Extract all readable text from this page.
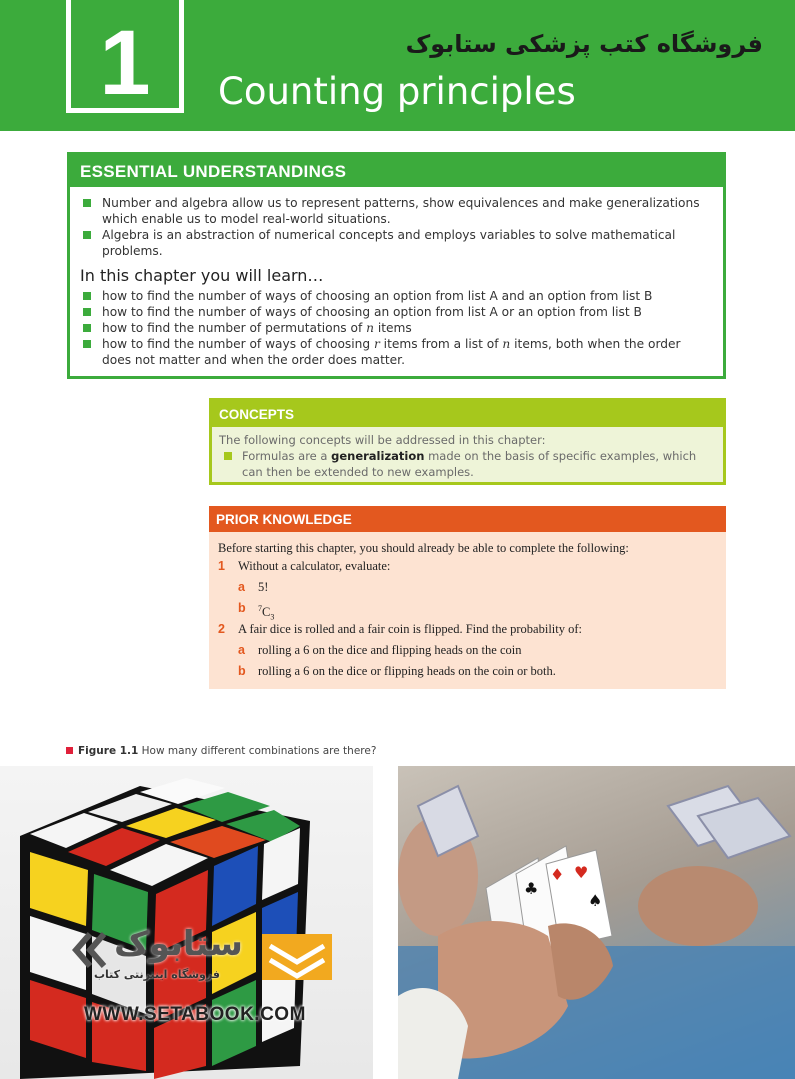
1	Counting principles
فروشگاه کتب پزشکی ستابوک
ESSENTIAL UNDERSTANDINGS
Number and algebra allow us to represent patterns, show equivalences and make generalizations which enable us to model real-world situations.
Algebra is an abstraction of numerical concepts and employs variables to solve mathematical problems.
In this chapter you will learn…
how to find the number of ways of choosing an option from list A and an option from list B
how to find the number of ways of choosing an option from list A or an option from list B
how to find the number of permutations of n items
how to find the number of ways of choosing r items from a list of n items, both when the order does not matter and when the order does matter.
CONCEPTS
The following concepts will be addressed in this chapter:
Formulas are a generalization made on the basis of specific examples, which can then be extended to new examples.
PRIOR KNOWLEDGE
Before starting this chapter, you should already be able to complete the following:
1 Without a calculator, evaluate:
a 5!
b $^7C_3$
2 A fair dice is rolled and a fair coin is flipped. Find the probability of:
a rolling a 6 on the dice and flipping heads on the coin
b rolling a 6 on the dice or flipping heads on the coin or both.
Figure 1.1 How many different combinations are there?
ستابوک
فروشگاه اینترنتی کتاب
WWW.SETABOOK.COM
♣
♦ ♥
♠
